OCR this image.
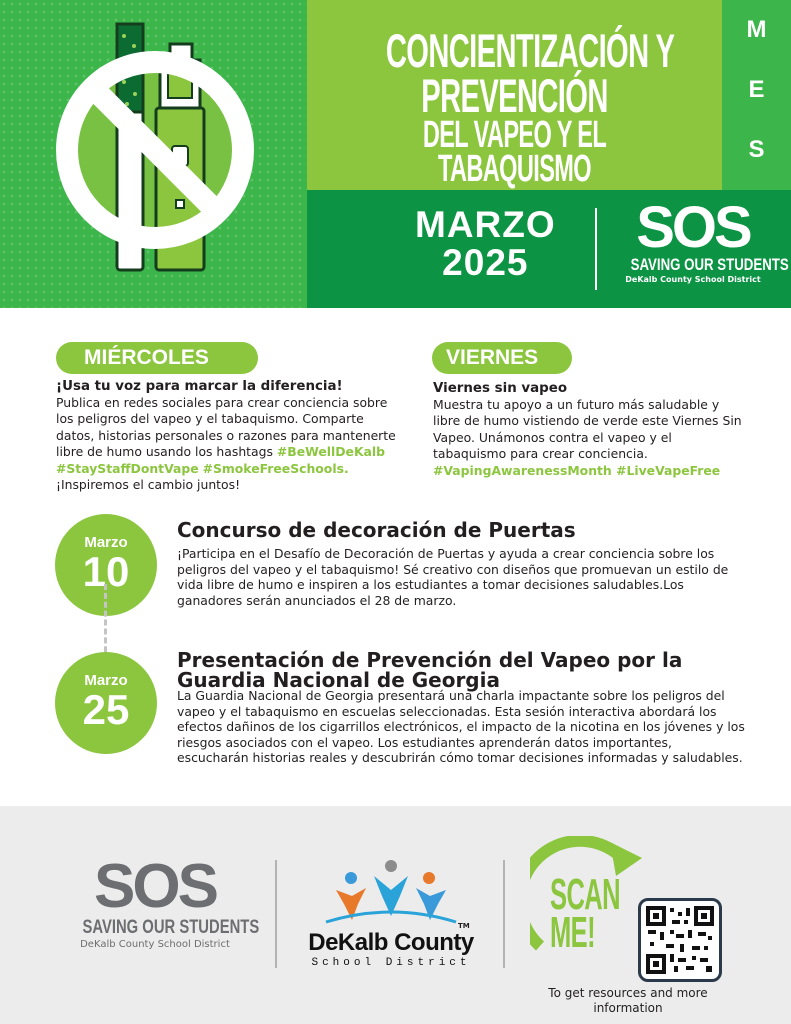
CONCIENTIZACIÓN Y
PREVENCIÓN
DEL VAPEO Y EL
TABAQUISMO
M
E
S
MARZO
2025
SOS
SAVING OUR STUDENTS
DeKalb County School District
MIÉRCOLES
¡Usa tu voz para marcar la diferencia!
Publica en redes sociales para crear conciencia sobre los peligros del vapeo y el tabaquismo. Comparte datos, historias personales o razones para mantenerte libre de humo usando los hashtags #BeWellDeKalb #StayStaffDontVape #SmokeFreeSchools. ¡Inspiremos el cambio juntos!
VIERNES
Viernes sin vapeo
Muestra tu apoyo a un futuro más saludable y libre de humo vistiendo de verde este Viernes Sin Vapeo. Unámonos contra el vapeo y el tabaquismo para crear conciencia.
#VapingAwarenessMonth #LiveVapeFree
Marzo
10
Concurso de decoración de Puertas
¡Participa en el Desafío de Decoración de Puertas y ayuda a crear conciencia sobre los peligros del vapeo y el tabaquismo! Sé creativo con diseños que promuevan un estilo de vida libre de humo e inspiren a los estudiantes a tomar decisiones saludables.Los ganadores serán anunciados el 28 de marzo.
Marzo
25
Presentación de Prevención del Vapeo por la Guardia Nacional de Georgia
La Guardia Nacional de Georgia presentará una charla impactante sobre los peligros del vapeo y el tabaquismo en escuelas seleccionadas. Esta sesión interactiva abordará los efectos dañinos de los cigarrillos electrónicos, el impacto de la nicotina en los jóvenes y los riesgos asociados con el vapeo. Los estudiantes aprenderán datos importantes, escucharán historias reales y descubrirán cómo tomar decisiones informadas y saludables.
SOS
SAVING OUR STUDENTS
DeKalb County School District
TM
DeKalb County
School District
SCAN
ME!
To get resources and more information
